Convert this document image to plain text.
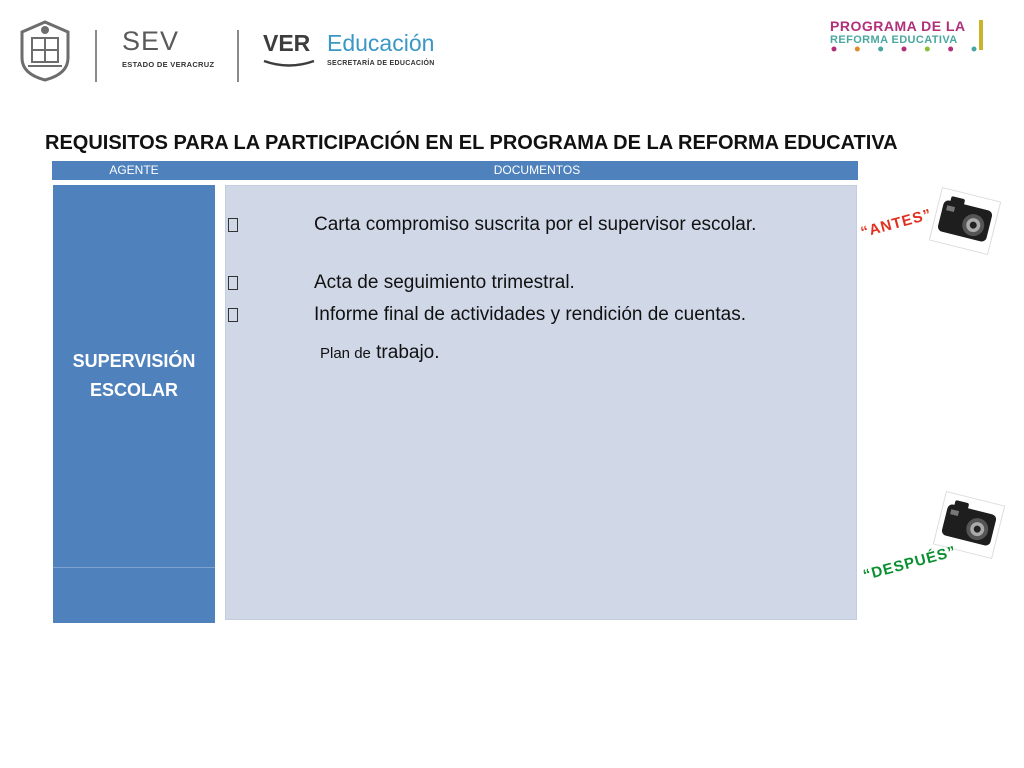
SEV
ESTADO DE VERACRUZ
VER Educación
SECRETARÍA DE EDUCACIÓN
PROGRAMA DE LA
REFORMA EDUCATIVA
REQUISITOS PARA LA PARTICIPACIÓN EN EL PROGRAMA DE LA REFORMA EDUCATIVA
AGENTE	DOCUMENTOS
SUPERVISIÓN
ESCOLAR
Carta compromiso suscrita por el supervisor escolar.
Acta de seguimiento trimestral.
Informe final de actividades y rendición de cuentas.
Plan de trabajo.
“ANTES”
“DESPUÉS”
